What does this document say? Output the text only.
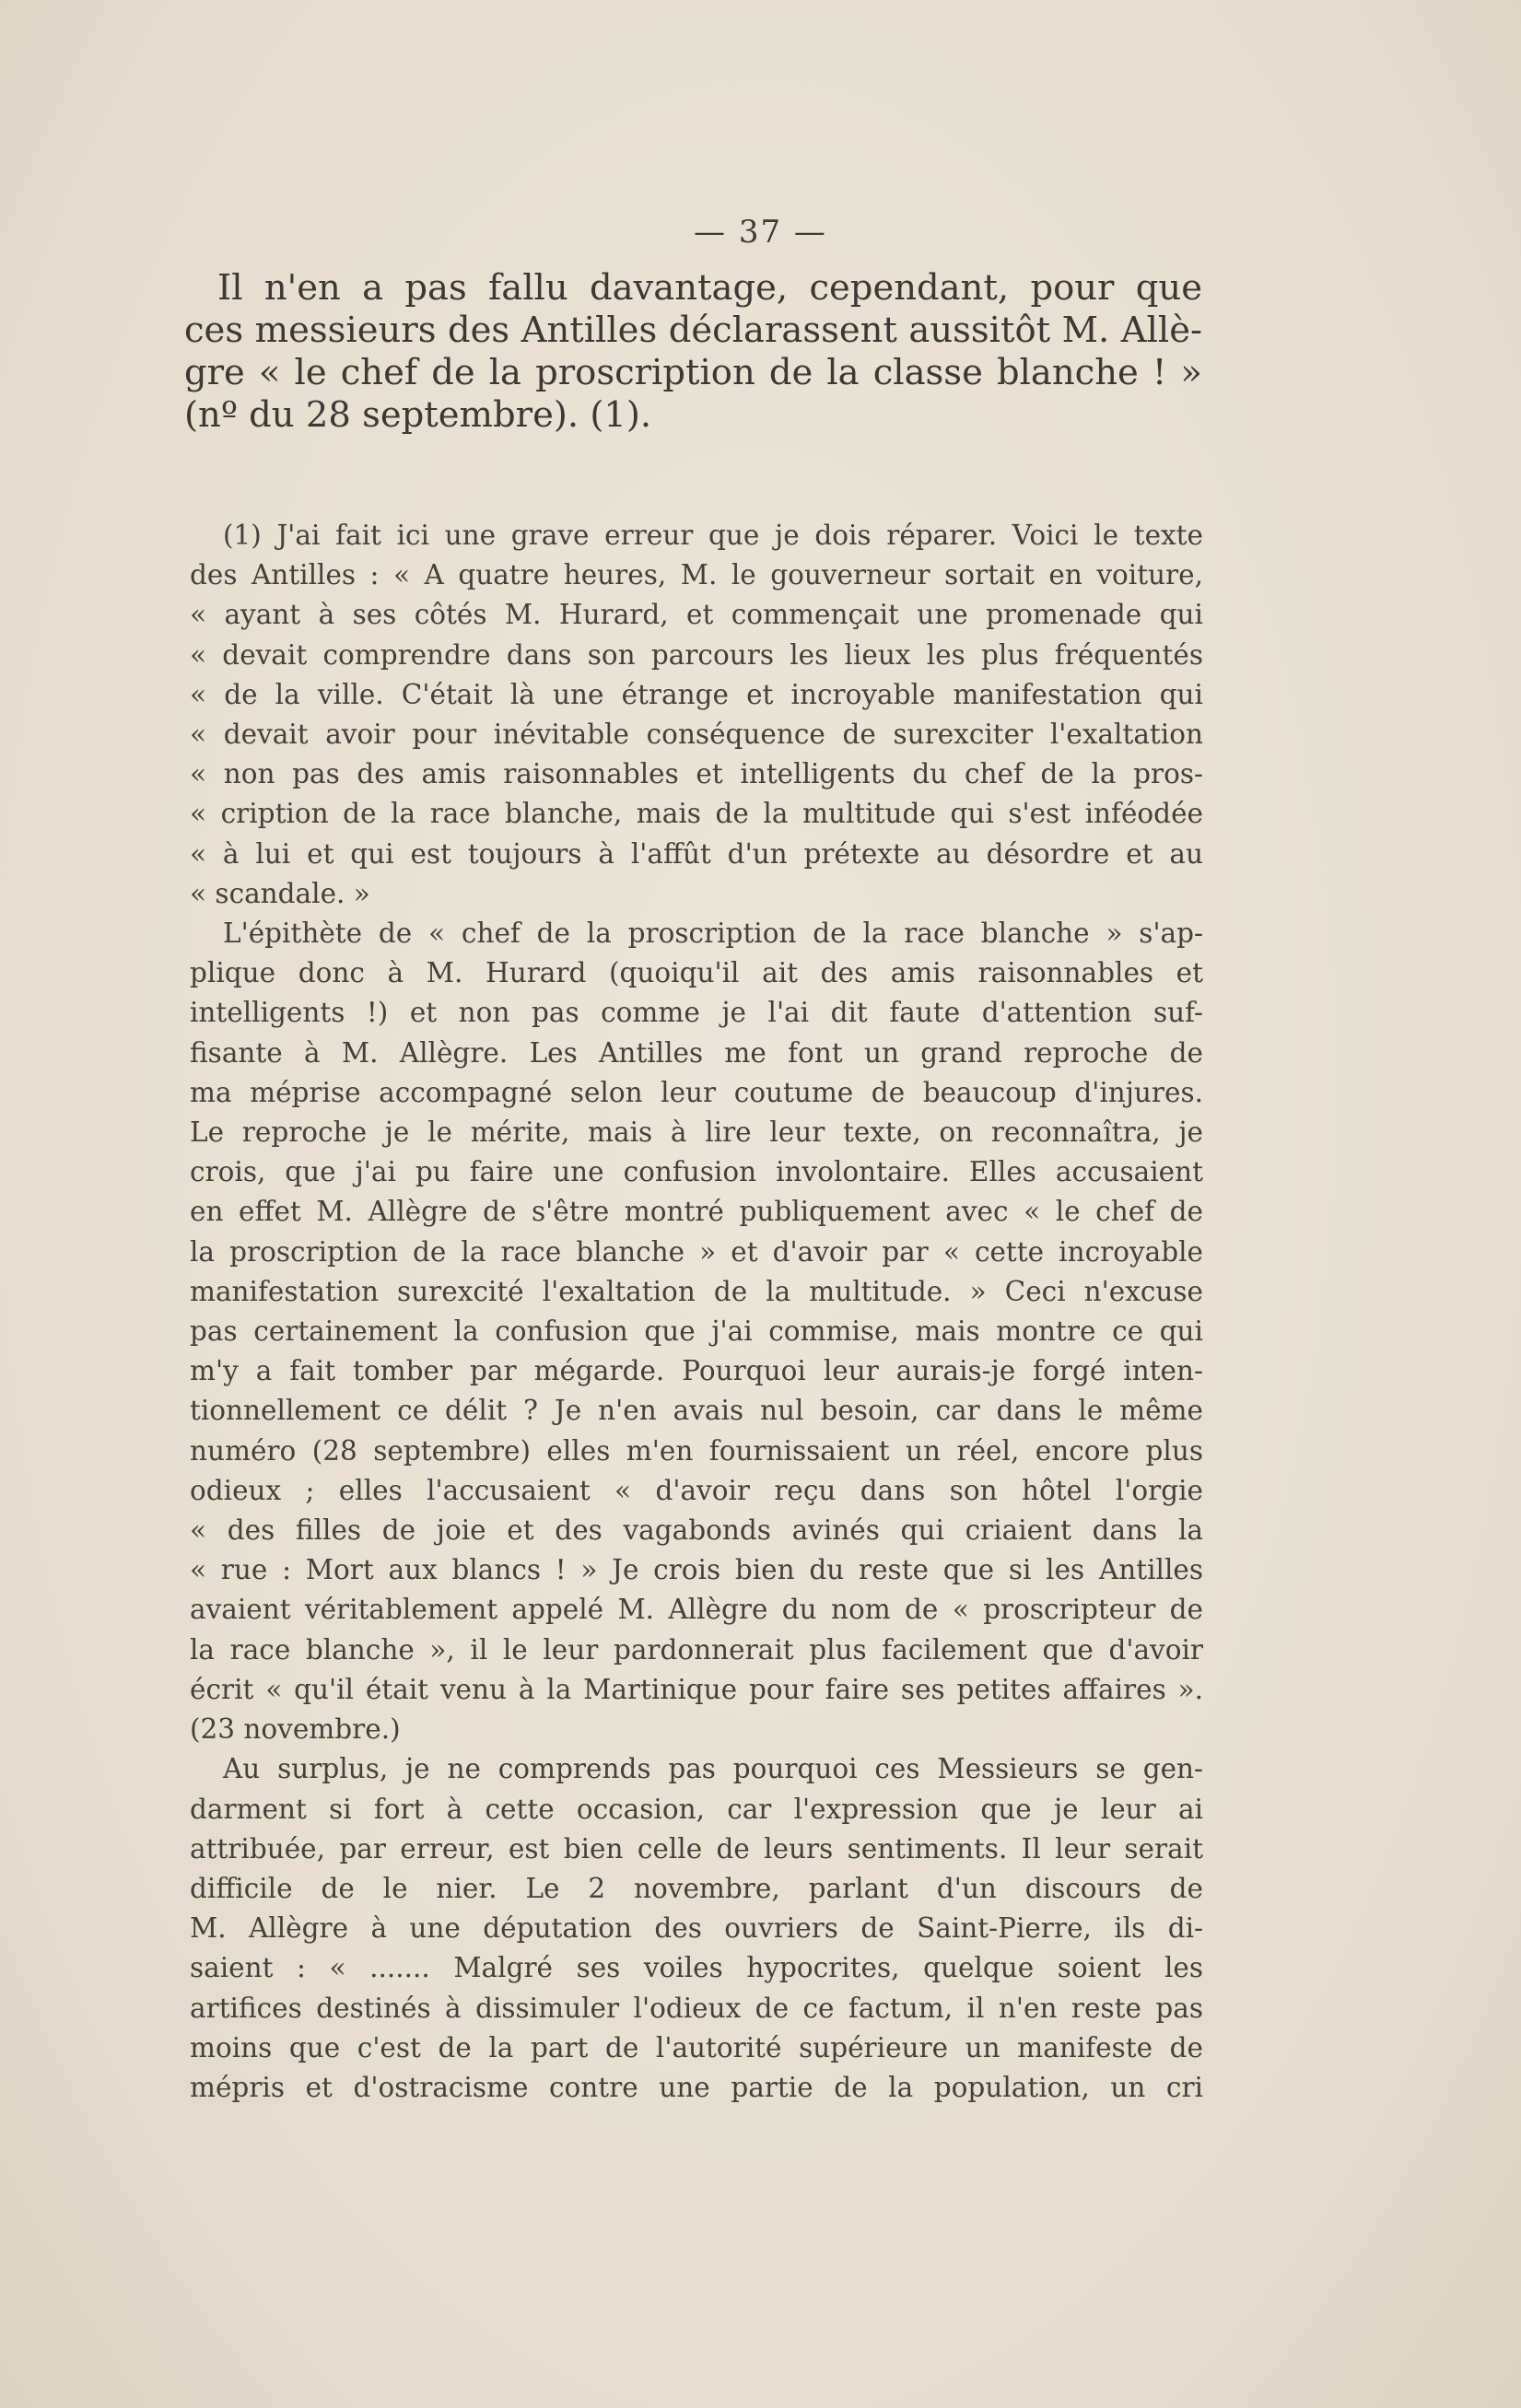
— 37 —
Il n'en a pas fallu davantage, cependant, pour que
ces messieurs des Antilles déclarassent aussitôt M. Allè-
gre « le chef de la proscription de la classe blanche ! »
(nº du 28 septembre). (1).
(1) J'ai fait ici une grave erreur que je dois réparer. Voici le texte
des Antilles : « A quatre heures, M. le gouverneur sortait en voiture,
« ayant à ses côtés M. Hurard, et commençait une promenade qui
« devait comprendre dans son parcours les lieux les plus fréquentés
« de la ville. C'était là une étrange et incroyable manifestation qui
« devait avoir pour inévitable conséquence de surexciter l'exaltation
« non pas des amis raisonnables et intelligents du chef de la pros-
« cription de la race blanche, mais de la multitude qui s'est inféodée
« à lui et qui est toujours à l'affût d'un prétexte au désordre et au
« scandale. »
L'épithète de « chef de la proscription de la race blanche » s'ap-
plique donc à M. Hurard (quoiqu'il ait des amis raisonnables et
intelligents !) et non pas comme je l'ai dit faute d'attention suf-
fisante à M. Allègre. Les Antilles me font un grand reproche de
ma méprise accompagné selon leur coutume de beaucoup d'injures.
Le reproche je le mérite, mais à lire leur texte, on reconnaîtra, je
crois, que j'ai pu faire une confusion involontaire. Elles accusaient
en effet M. Allègre de s'être montré publiquement avec « le chef de
la proscription de la race blanche » et d'avoir par « cette incroyable
manifestation surexcité l'exaltation de la multitude. » Ceci n'excuse
pas certainement la confusion que j'ai commise, mais montre ce qui
m'y a fait tomber par mégarde. Pourquoi leur aurais-je forgé inten-
tionnellement ce délit ? Je n'en avais nul besoin, car dans le même
numéro (28 septembre) elles m'en fournissaient un réel, encore plus
odieux ; elles l'accusaient « d'avoir reçu dans son hôtel l'orgie
« des filles de joie et des vagabonds avinés qui criaient dans la
« rue : Mort aux blancs ! » Je crois bien du reste que si les Antilles
avaient véritablement appelé M. Allègre du nom de « proscripteur de
la race blanche », il le leur pardonnerait plus facilement que d'avoir
écrit « qu'il était venu à la Martinique pour faire ses petites affaires ».
(23 novembre.)
Au surplus, je ne comprends pas pourquoi ces Messieurs se gen-
darment si fort à cette occasion, car l'expression que je leur ai
attribuée, par erreur, est bien celle de leurs sentiments. Il leur serait
difficile de le nier. Le 2 novembre, parlant d'un discours de
M. Allègre à une députation des ouvriers de Saint-Pierre, ils di-
saient : « ....... Malgré ses voiles hypocrites, quelque soient les
artifices destinés à dissimuler l'odieux de ce factum, il n'en reste pas
moins que c'est de la part de l'autorité supérieure un manifeste de
mépris et d'ostracisme contre une partie de la population, un cri
